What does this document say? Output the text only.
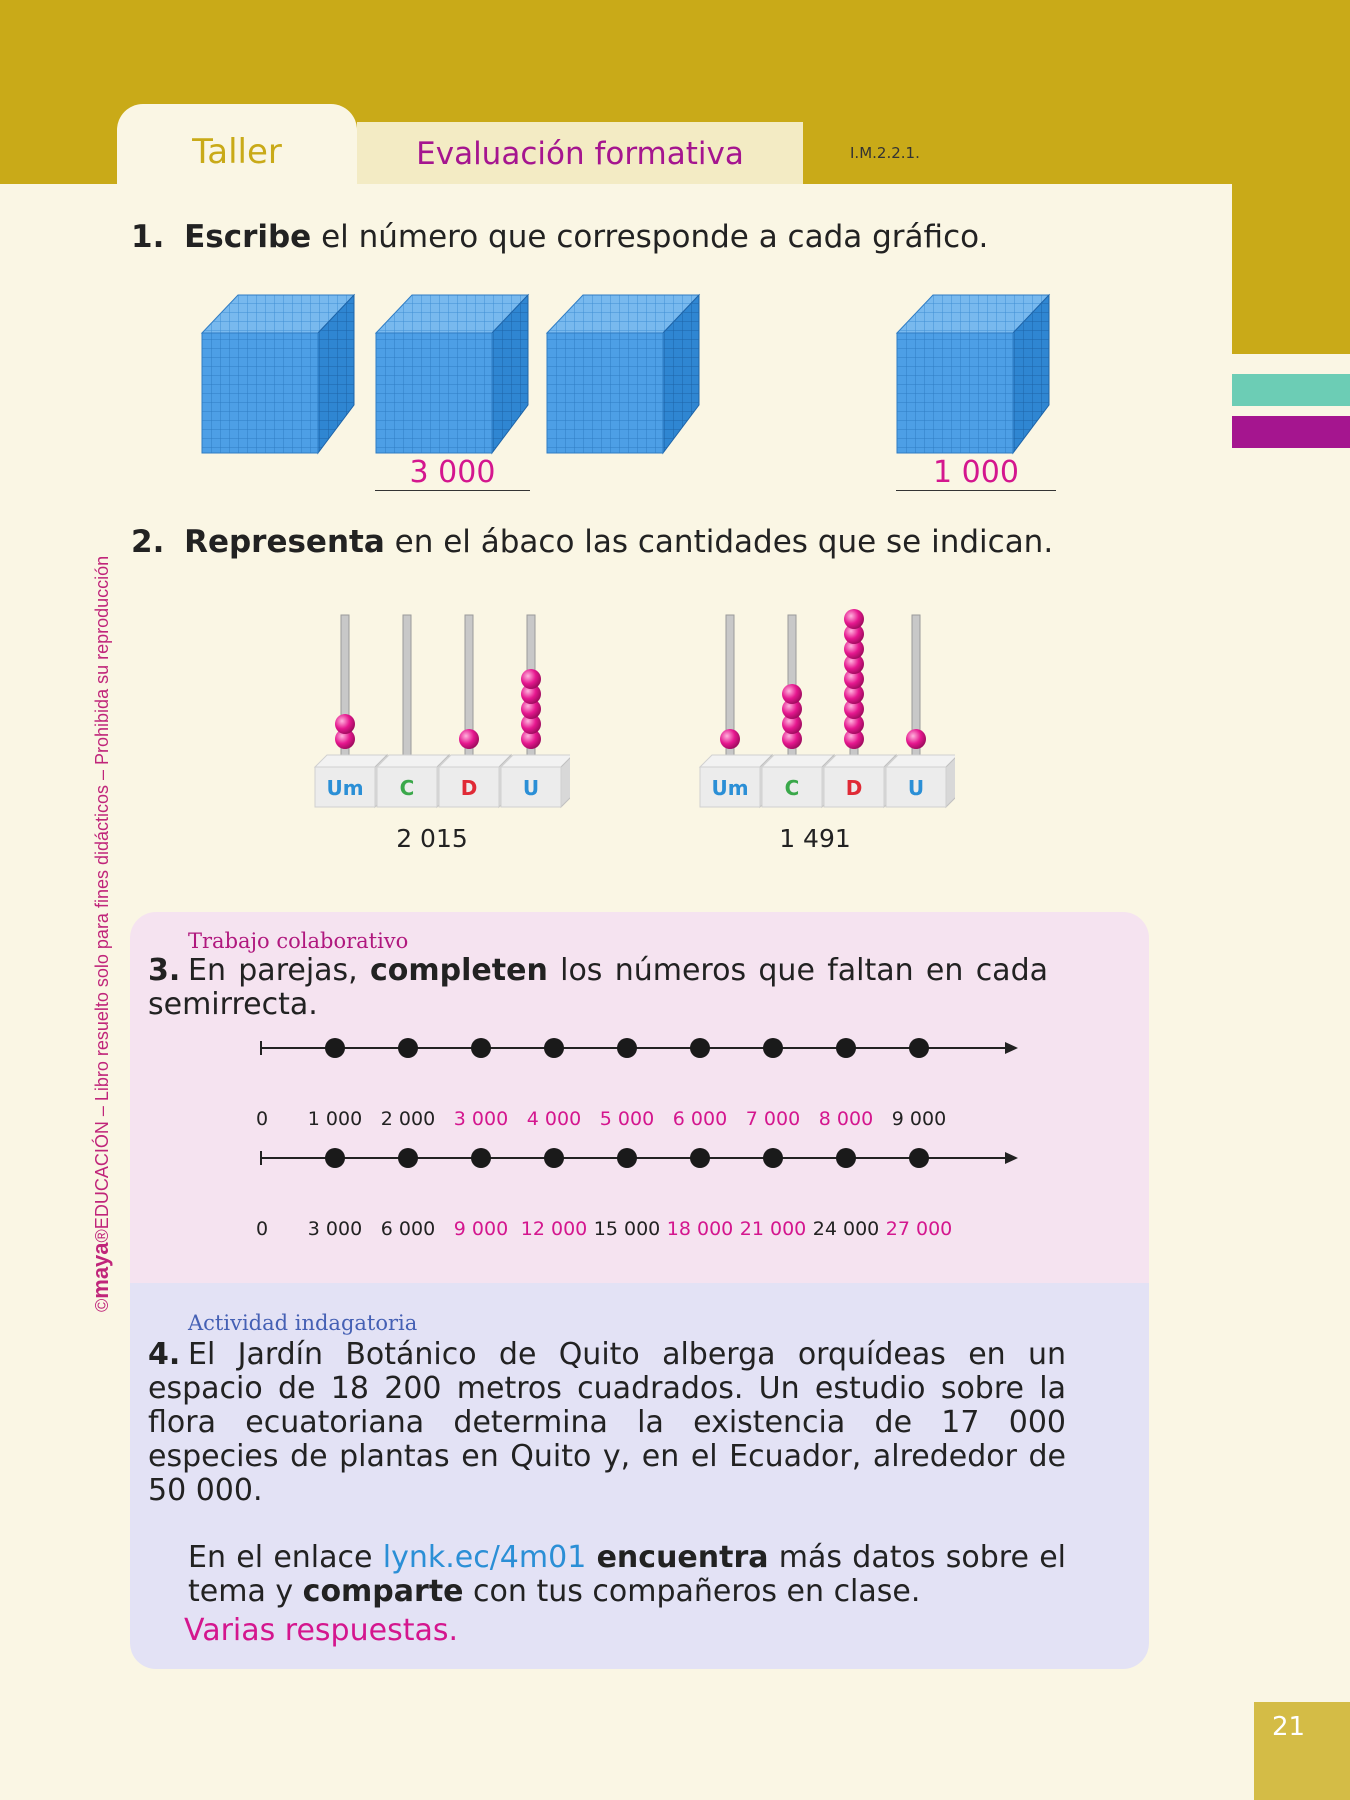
Taller	Evaluación formativa	I.M.2.2.1.
©maya®EDUCACIÓN – Libro resuelto solo para fines didácticos – Prohibida su reproducción
1. Escribe el número que corresponde a cada gráfico.
3 000	1 000
2. Representa en el ábaco las cantidades que se indican.
Um C D U	Um C D U
2 015	1 491
Trabajo colaborativo
3. En parejas, completen los números que faltan en cada semirrecta.
0 1 000 2 000 3 000 4 000 5 000 6 000 7 000 8 000 9 000
0 3 000 6 000 9 000 12 000 15 000 18 000 21 000 24 000 27 000
Actividad indagatoria
4. El Jardín Botánico de Quito alberga orquídeas en un espacio de 18 200 metros cuadrados. Un estudio sobre la flora ecuatoriana determina la existencia de 17 000 especies de plantas en Quito y, en el Ecuador, alrededor de 50 000.
En el enlace lynk.ec/4m01 encuentra más datos sobre el tema y comparte con tus compañeros en clase.
Varias respuestas.
21
